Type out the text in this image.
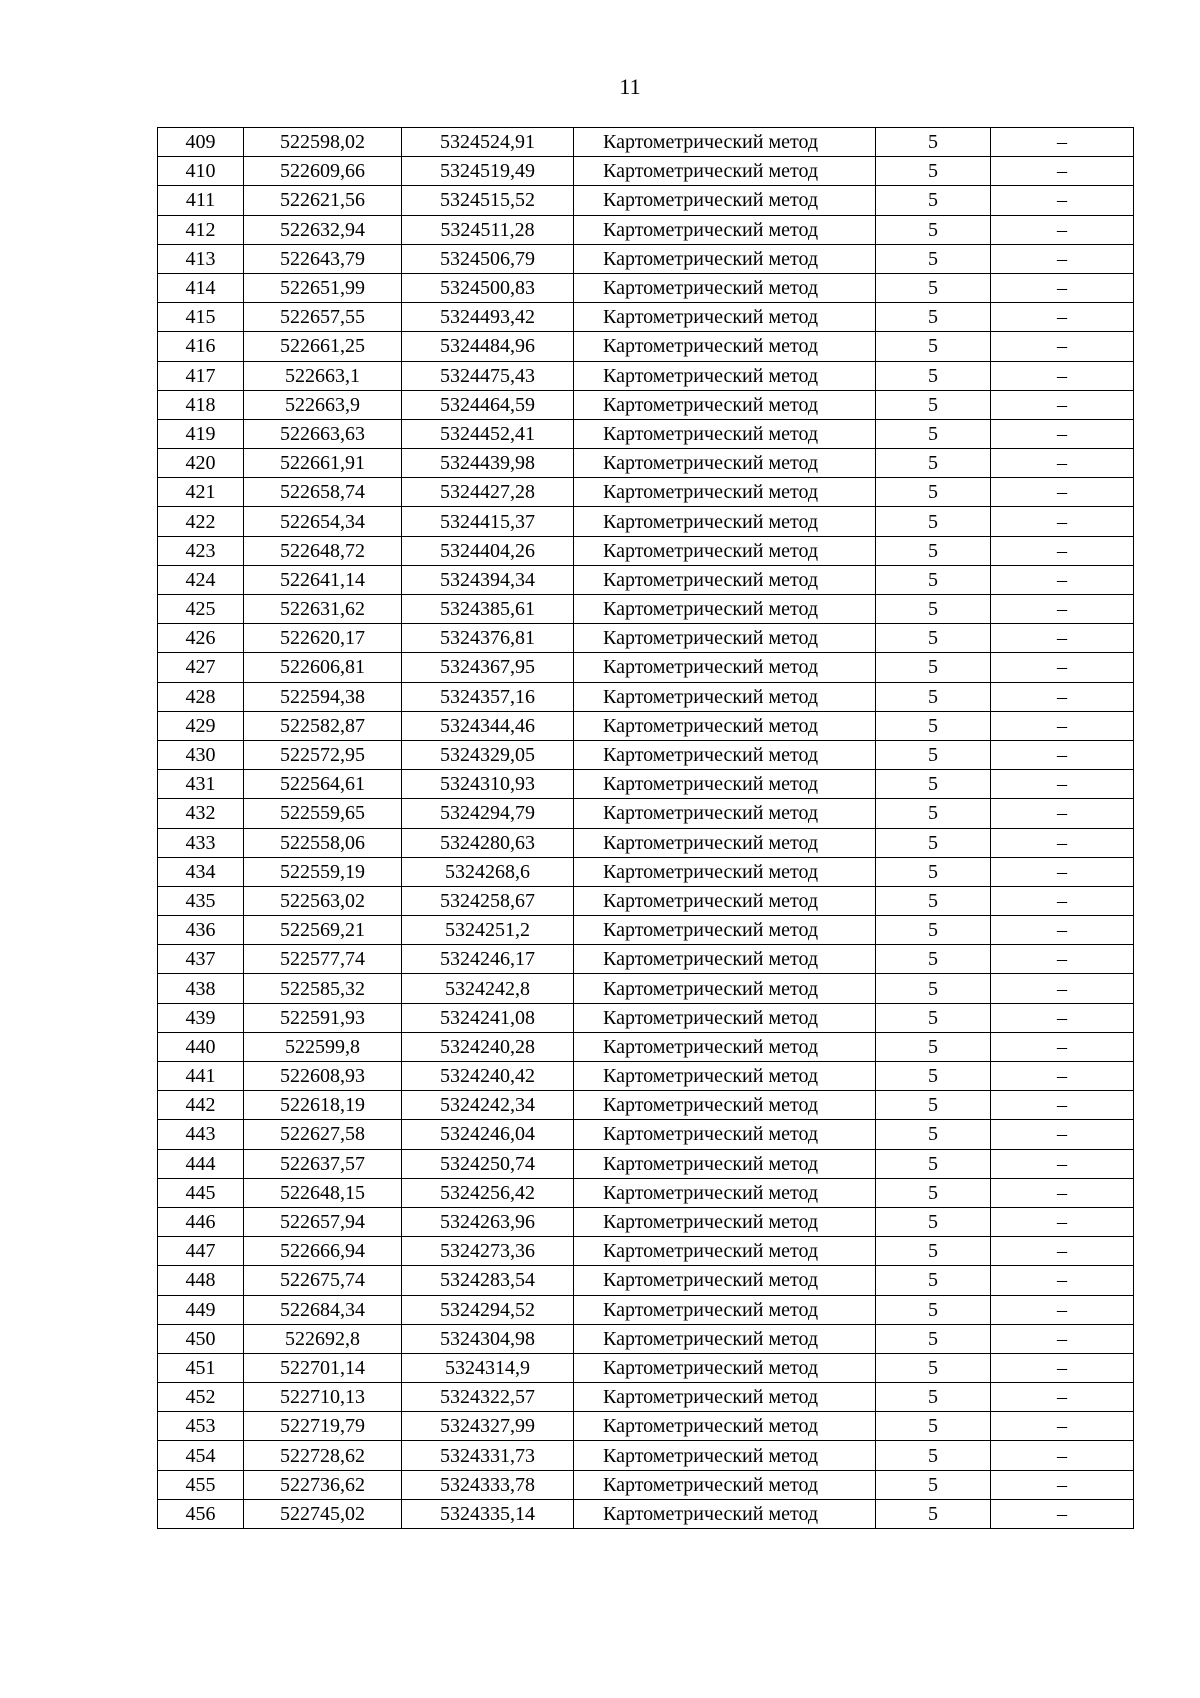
11
409	522598,02	5324524,91	Картометрический метод	5	–
410	522609,66	5324519,49	Картометрический метод	5	–
411	522621,56	5324515,52	Картометрический метод	5	–
412	522632,94	5324511,28	Картометрический метод	5	–
413	522643,79	5324506,79	Картометрический метод	5	–
414	522651,99	5324500,83	Картометрический метод	5	–
415	522657,55	5324493,42	Картометрический метод	5	–
416	522661,25	5324484,96	Картометрический метод	5	–
417	522663,1	5324475,43	Картометрический метод	5	–
418	522663,9	5324464,59	Картометрический метод	5	–
419	522663,63	5324452,41	Картометрический метод	5	–
420	522661,91	5324439,98	Картометрический метод	5	–
421	522658,74	5324427,28	Картометрический метод	5	–
422	522654,34	5324415,37	Картометрический метод	5	–
423	522648,72	5324404,26	Картометрический метод	5	–
424	522641,14	5324394,34	Картометрический метод	5	–
425	522631,62	5324385,61	Картометрический метод	5	–
426	522620,17	5324376,81	Картометрический метод	5	–
427	522606,81	5324367,95	Картометрический метод	5	–
428	522594,38	5324357,16	Картометрический метод	5	–
429	522582,87	5324344,46	Картометрический метод	5	–
430	522572,95	5324329,05	Картометрический метод	5	–
431	522564,61	5324310,93	Картометрический метод	5	–
432	522559,65	5324294,79	Картометрический метод	5	–
433	522558,06	5324280,63	Картометрический метод	5	–
434	522559,19	5324268,6	Картометрический метод	5	–
435	522563,02	5324258,67	Картометрический метод	5	–
436	522569,21	5324251,2	Картометрический метод	5	–
437	522577,74	5324246,17	Картометрический метод	5	–
438	522585,32	5324242,8	Картометрический метод	5	–
439	522591,93	5324241,08	Картометрический метод	5	–
440	522599,8	5324240,28	Картометрический метод	5	–
441	522608,93	5324240,42	Картометрический метод	5	–
442	522618,19	5324242,34	Картометрический метод	5	–
443	522627,58	5324246,04	Картометрический метод	5	–
444	522637,57	5324250,74	Картометрический метод	5	–
445	522648,15	5324256,42	Картометрический метод	5	–
446	522657,94	5324263,96	Картометрический метод	5	–
447	522666,94	5324273,36	Картометрический метод	5	–
448	522675,74	5324283,54	Картометрический метод	5	–
449	522684,34	5324294,52	Картометрический метод	5	–
450	522692,8	5324304,98	Картометрический метод	5	–
451	522701,14	5324314,9	Картометрический метод	5	–
452	522710,13	5324322,57	Картометрический метод	5	–
453	522719,79	5324327,99	Картометрический метод	5	–
454	522728,62	5324331,73	Картометрический метод	5	–
455	522736,62	5324333,78	Картометрический метод	5	–
456	522745,02	5324335,14	Картометрический метод	5	–
